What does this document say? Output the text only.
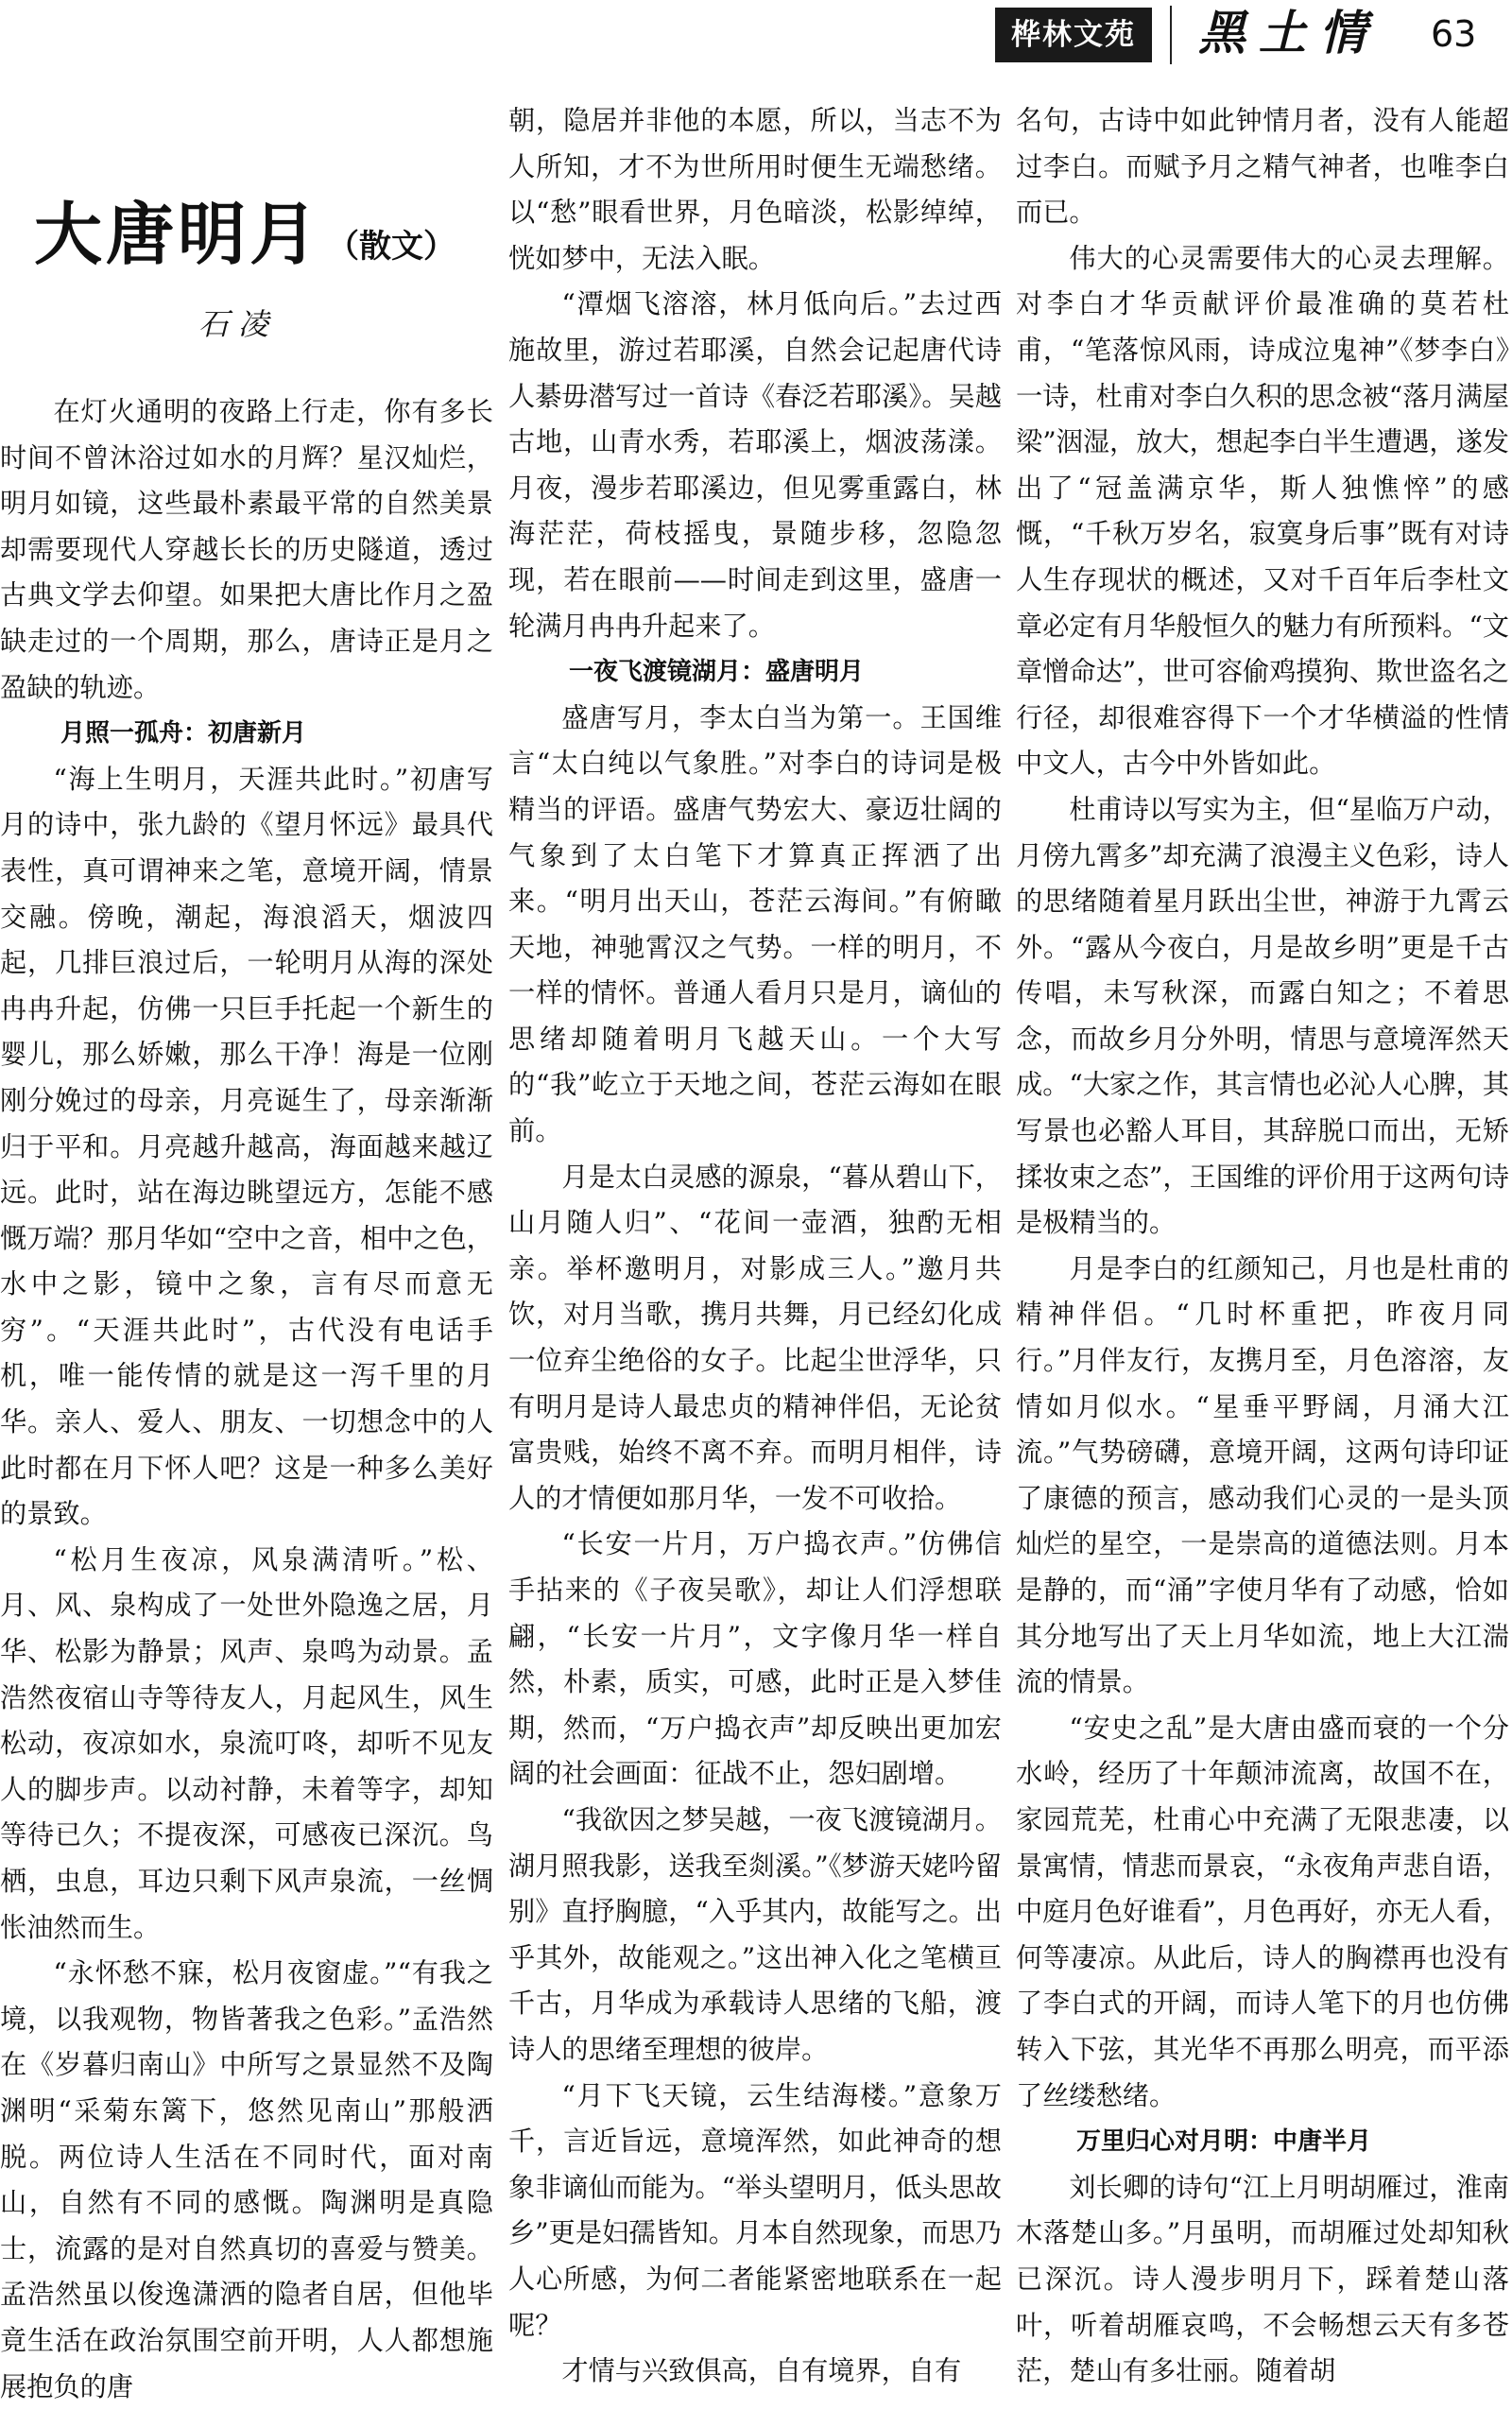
桦林文苑	黑土情	63
大唐明月 （散文）
石凌

在灯火通明的夜路上行走，你有多长时间不曾沐浴过如水的月辉？星汉灿烂，明月如镜，这些最朴素最平常的自然美景却需要现代人穿越长长的历史隧道，透过古典文学去仰望。如果把大唐比作月之盈缺走过的一个周期，那么，唐诗正是月之盈缺的轨迹。

月照一孤舟：初唐新月

“海上生明月，天涯共此时。”初唐写月的诗中，张九龄的《望月怀远》最具代表性，真可谓神来之笔，意境开阔，情景交融。傍晚，潮起，海浪滔天，烟波四起，几排巨浪过后，一轮明月从海的深处冉冉升起，仿佛一只巨手托起一个新生的婴儿，那么娇嫩，那么干净！海是一位刚刚分娩过的母亲，月亮诞生了，母亲渐渐归于平和。月亮越升越高，海面越来越辽远。此时，站在海边眺望远方，怎能不感慨万端？那月华如“空中之音，相中之色，水中之影，镜中之象，言有尽而意无穷”。“天涯共此时”，古代没有电话手机，唯一能传情的就是这一泻千里的月华。亲人、爱人、朋友、一切想念中的人此时都在月下怀人吧？这是一种多么美好的景致。

“松月生夜凉，风泉满清听。”松、月、风、泉构成了一处世外隐逸之居，月华、松影为静景；风声、泉鸣为动景。孟浩然夜宿山寺等待友人，月起风生，风生松动，夜凉如水，泉流叮咚，却听不见友人的脚步声。以动衬静，未着等字，却知等待已久；不提夜深，可感夜已深沉。鸟栖，虫息，耳边只剩下风声泉流，一丝惆怅油然而生。

“永怀愁不寐，松月夜窗虚。”“有我之境，以我观物，物皆著我之色彩。”孟浩然在《岁暮归南山》中所写之景显然不及陶渊明“采菊东篱下，悠然见南山”那般洒脱。两位诗人生活在不同时代，面对南山，自然有不同的感慨。陶渊明是真隐士，流露的是对自然真切的喜爱与赞美。孟浩然虽以俊逸潇洒的隐者自居，但他毕竟生活在政治氛围空前开明，人人都想施展抱负的唐

朝，隐居并非他的本愿，所以，当志不为人所知，才不为世所用时便生无端愁绪。以“愁”眼看世界，月色暗淡，松影绰绰，恍如梦中，无法入眠。

“潭烟飞溶溶，林月低向后。”去过西施故里，游过若耶溪，自然会记起唐代诗人綦毋潜写过一首诗《春泛若耶溪》。吴越古地，山青水秀，若耶溪上，烟波荡漾。月夜，漫步若耶溪边，但见雾重露白，林海茫茫，荷枝摇曳，景随步移，忽隐忽现，若在眼前——时间走到这里，盛唐一轮满月冉冉升起来了。

一夜飞渡镜湖月：盛唐明月

盛唐写月，李太白当为第一。王国维言“太白纯以气象胜。”对李白的诗词是极精当的评语。盛唐气势宏大、豪迈壮阔的气象到了太白笔下才算真正挥洒了出来。“明月出天山，苍茫云海间。”有俯瞰天地，神驰霄汉之气势。一样的明月，不一样的情怀。普通人看月只是月，谪仙的思绪却随着明月飞越天山。一个大写的“我”屹立于天地之间，苍茫云海如在眼前。

月是太白灵感的源泉，“暮从碧山下，山月随人归”、“花间一壶酒，独酌无相亲。举杯邀明月，对影成三人。”邀月共饮，对月当歌，携月共舞，月已经幻化成一位弃尘绝俗的女子。比起尘世浮华，只有明月是诗人最忠贞的精神伴侣，无论贫富贵贱，始终不离不弃。而明月相伴，诗人的才情便如那月华，一发不可收拾。

“长安一片月，万户捣衣声。”仿佛信手拈来的《子夜吴歌》，却让人们浮想联翩，“长安一片月”，文字像月华一样自然，朴素，质实，可感，此时正是入梦佳期，然而，“万户捣衣声”却反映出更加宏阔的社会画面：征战不止，怨妇剧增。

“我欲因之梦吴越，一夜飞渡镜湖月。湖月照我影，送我至剡溪。”《梦游天姥吟留别》直抒胸臆，“入乎其内，故能写之。出乎其外，故能观之。”这出神入化之笔横亘千古，月华成为承载诗人思绪的飞船，渡诗人的思绪至理想的彼岸。

“月下飞天镜，云生结海楼。”意象万千，言近旨远，意境浑然，如此神奇的想象非谪仙而能为。“举头望明月，低头思故乡”更是妇孺皆知。月本自然现象，而思乃人心所感，为何二者能紧密地联系在一起呢？

才情与兴致俱高，自有境界，自有

名句，古诗中如此钟情月者，没有人能超过李白。而赋予月之精气神者，也唯李白而已。

伟大的心灵需要伟大的心灵去理解。对李白才华贡献评价最准确的莫若杜甫，“笔落惊风雨，诗成泣鬼神”《梦李白》一诗，杜甫对李白久积的思念被“落月满屋梁”洇湿，放大，想起李白半生遭遇，遂发出了“冠盖满京华，斯人独憔悴”的感慨，“千秋万岁名，寂寞身后事”既有对诗人生存现状的概述，又对千百年后李杜文章必定有月华般恒久的魅力有所预料。“文章憎命达”，世可容偷鸡摸狗、欺世盗名之行径，却很难容得下一个才华横溢的性情中文人，古今中外皆如此。

杜甫诗以写实为主，但“星临万户动，月傍九霄多”却充满了浪漫主义色彩，诗人的思绪随着星月跃出尘世，神游于九霄云外。“露从今夜白，月是故乡明”更是千古传唱，未写秋深，而露白知之；不着思念，而故乡月分外明，情思与意境浑然天成。“大家之作，其言情也必沁人心脾，其写景也必豁人耳目，其辞脱口而出，无矫揉妆束之态”，王国维的评价用于这两句诗是极精当的。

月是李白的红颜知己，月也是杜甫的精神伴侣。“几时杯重把，昨夜月同行。”月伴友行，友携月至，月色溶溶，友情如月似水。“星垂平野阔，月涌大江流。”气势磅礴，意境开阔，这两句诗印证了康德的预言，感动我们心灵的一是头顶灿烂的星空，一是崇高的道德法则。月本是静的，而“涌”字使月华有了动感，恰如其分地写出了天上月华如流，地上大江湍流的情景。

“安史之乱”是大唐由盛而衰的一个分水岭，经历了十年颠沛流离，故国不在，家园荒芜，杜甫心中充满了无限悲凄，以景寓情，情悲而景哀，“永夜角声悲自语，中庭月色好谁看”，月色再好，亦无人看，何等凄凉。从此后，诗人的胸襟再也没有了李白式的开阔，而诗人笔下的月也仿佛转入下弦，其光华不再那么明亮，而平添了丝缕愁绪。

万里归心对月明：中唐半月

刘长卿的诗句“江上月明胡雁过，淮南木落楚山多。”月虽明，而胡雁过处却知秋已深沉。诗人漫步明月下，踩着楚山落叶，听着胡雁哀鸣，不会畅想云天有多苍茫，楚山有多壮丽。随着胡
